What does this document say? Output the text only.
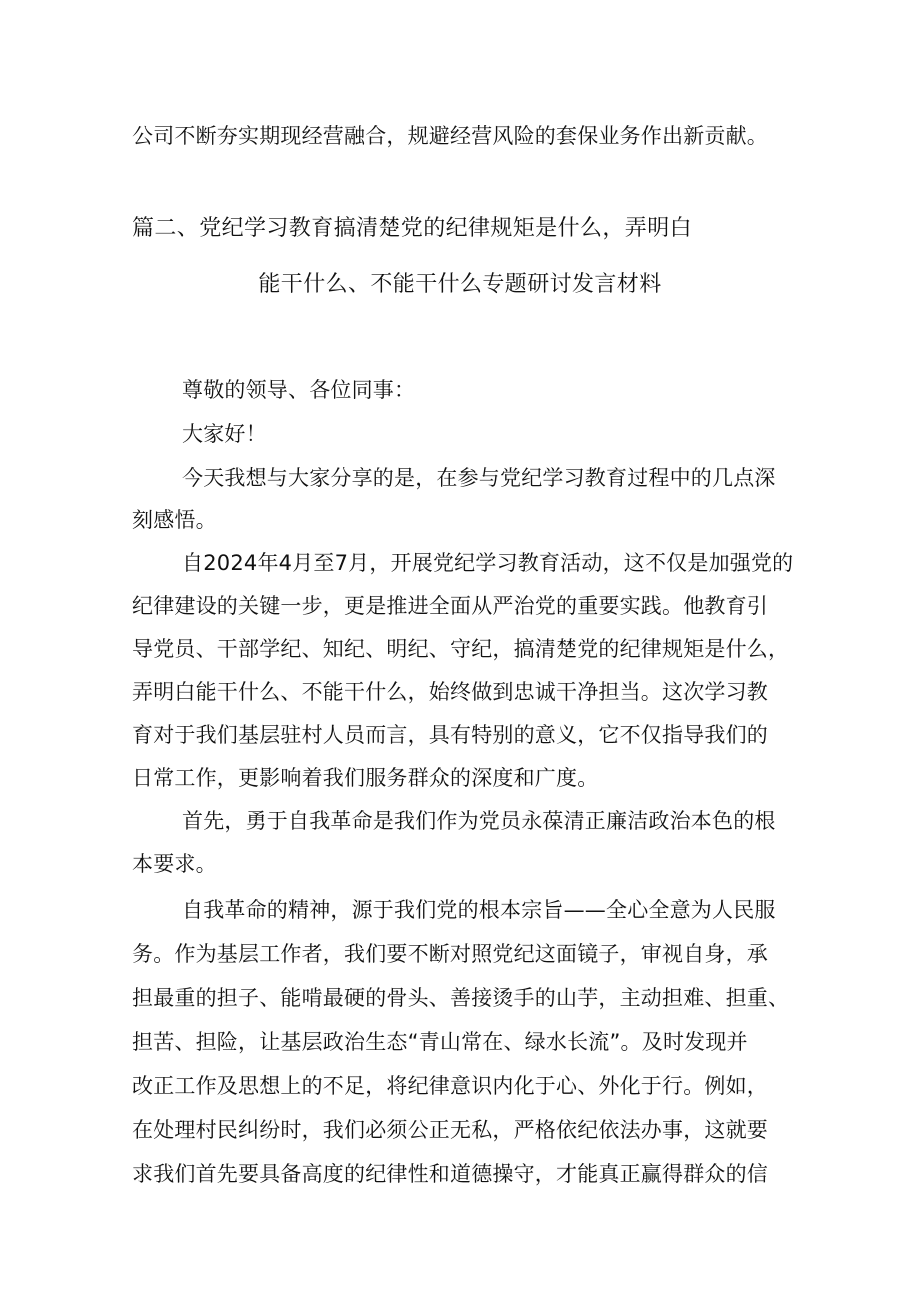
公司不断夯实期现经营融合，规避经营风险的套保业务作出新贡献。
篇二、党纪学习教育搞清楚党的纪律规矩是什么，弄明白
能干什么、不能干什么专题研讨发言材料
尊敬的领导、各位同事：
大家好！
今天我想与大家分享的是，在参与党纪学习教育过程中的几点深
刻感悟。
自2024年4月至7月，开展党纪学习教育活动，这不仅是加强党的
纪律建设的关键一步，更是推进全面从严治党的重要实践。他教育引
导党员、干部学纪、知纪、明纪、守纪，搞清楚党的纪律规矩是什么，
弄明白能干什么、不能干什么，始终做到忠诚干净担当。这次学习教
育对于我们基层驻村人员而言，具有特别的意义，它不仅指导我们的
日常工作，更影响着我们服务群众的深度和广度。
首先，勇于自我革命是我们作为党员永葆清正廉洁政治本色的根
本要求。
自我革命的精神，源于我们党的根本宗旨——全心全意为人民服
务。作为基层工作者，我们要不断对照党纪这面镜子，审视自身，承
担最重的担子、能啃最硬的骨头、善接烫手的山芋，主动担难、担重、
担苦、担险，让基层政治生态“青山常在、绿水长流”。及时发现并
改正工作及思想上的不足，将纪律意识内化于心、外化于行。例如，
在处理村民纠纷时，我们必须公正无私，严格依纪依法办事，这就要
求我们首先要具备高度的纪律性和道德操守，才能真正赢得群众的信
